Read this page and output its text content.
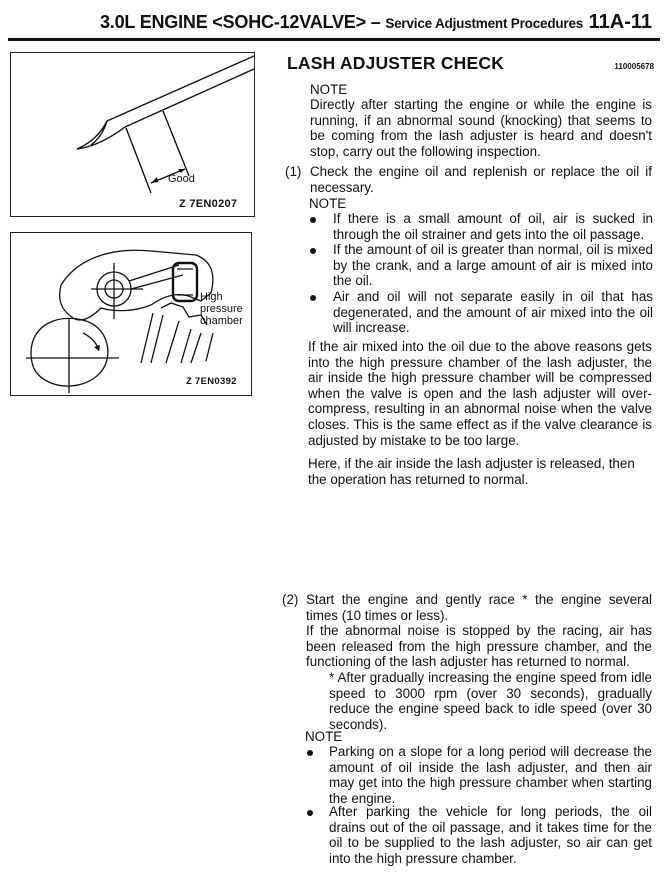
3.0L ENGINE <SOHC-12VALVE> – Service Adjustment Procedures 11A-11
Good
Z 7EN0207
High
pressure
chamber
Z 7EN0392
LASH ADJUSTER CHECK	110005678
NOTE
Directly after starting the engine or while the engine is running, if an abnormal sound (knocking) that seems to be coming from the lash adjuster is heard and doesn't stop, carry out the following inspection.
(1) Check the engine oil and replenish or replace the oil if necessary.
NOTE
If there is a small amount of oil, air is sucked in through the oil strainer and gets into the oil passage.
If the amount of oil is greater than normal, oil is mixed by the crank, and a large amount of air is mixed into the oil.
Air and oil will not separate easily in oil that has degenerated, and the amount of air mixed into the oil will increase.
If the air mixed into the oil due to the above reasons gets into the high pressure chamber of the lash adjuster, the air inside the high pressure chamber will be compressed when the valve is open and the lash adjuster will over-compress, resulting in an abnormal noise when the valve closes. This is the same effect as if the valve clearance is adjusted by mistake to be too large.
Here, if the air inside the lash adjuster is released, then the operation has returned to normal.
(2) Start the engine and gently race * the engine several times (10 times or less).
If the abnormal noise is stopped by the racing, air has been released from the high pressure chamber, and the functioning of the lash adjuster has returned to normal.
* After gradually increasing the engine speed from idle speed to 3000 rpm (over 30 seconds), gradually reduce the engine speed back to idle speed (over 30 seconds).
NOTE
Parking on a slope for a long period will decrease the amount of oil inside the lash adjuster, and then air may get into the high pressure chamber when starting the engine.
After parking the vehicle for long periods, the oil drains out of the oil passage, and it takes time for the oil to be supplied to the lash adjuster, so air can get into the high pressure chamber.
